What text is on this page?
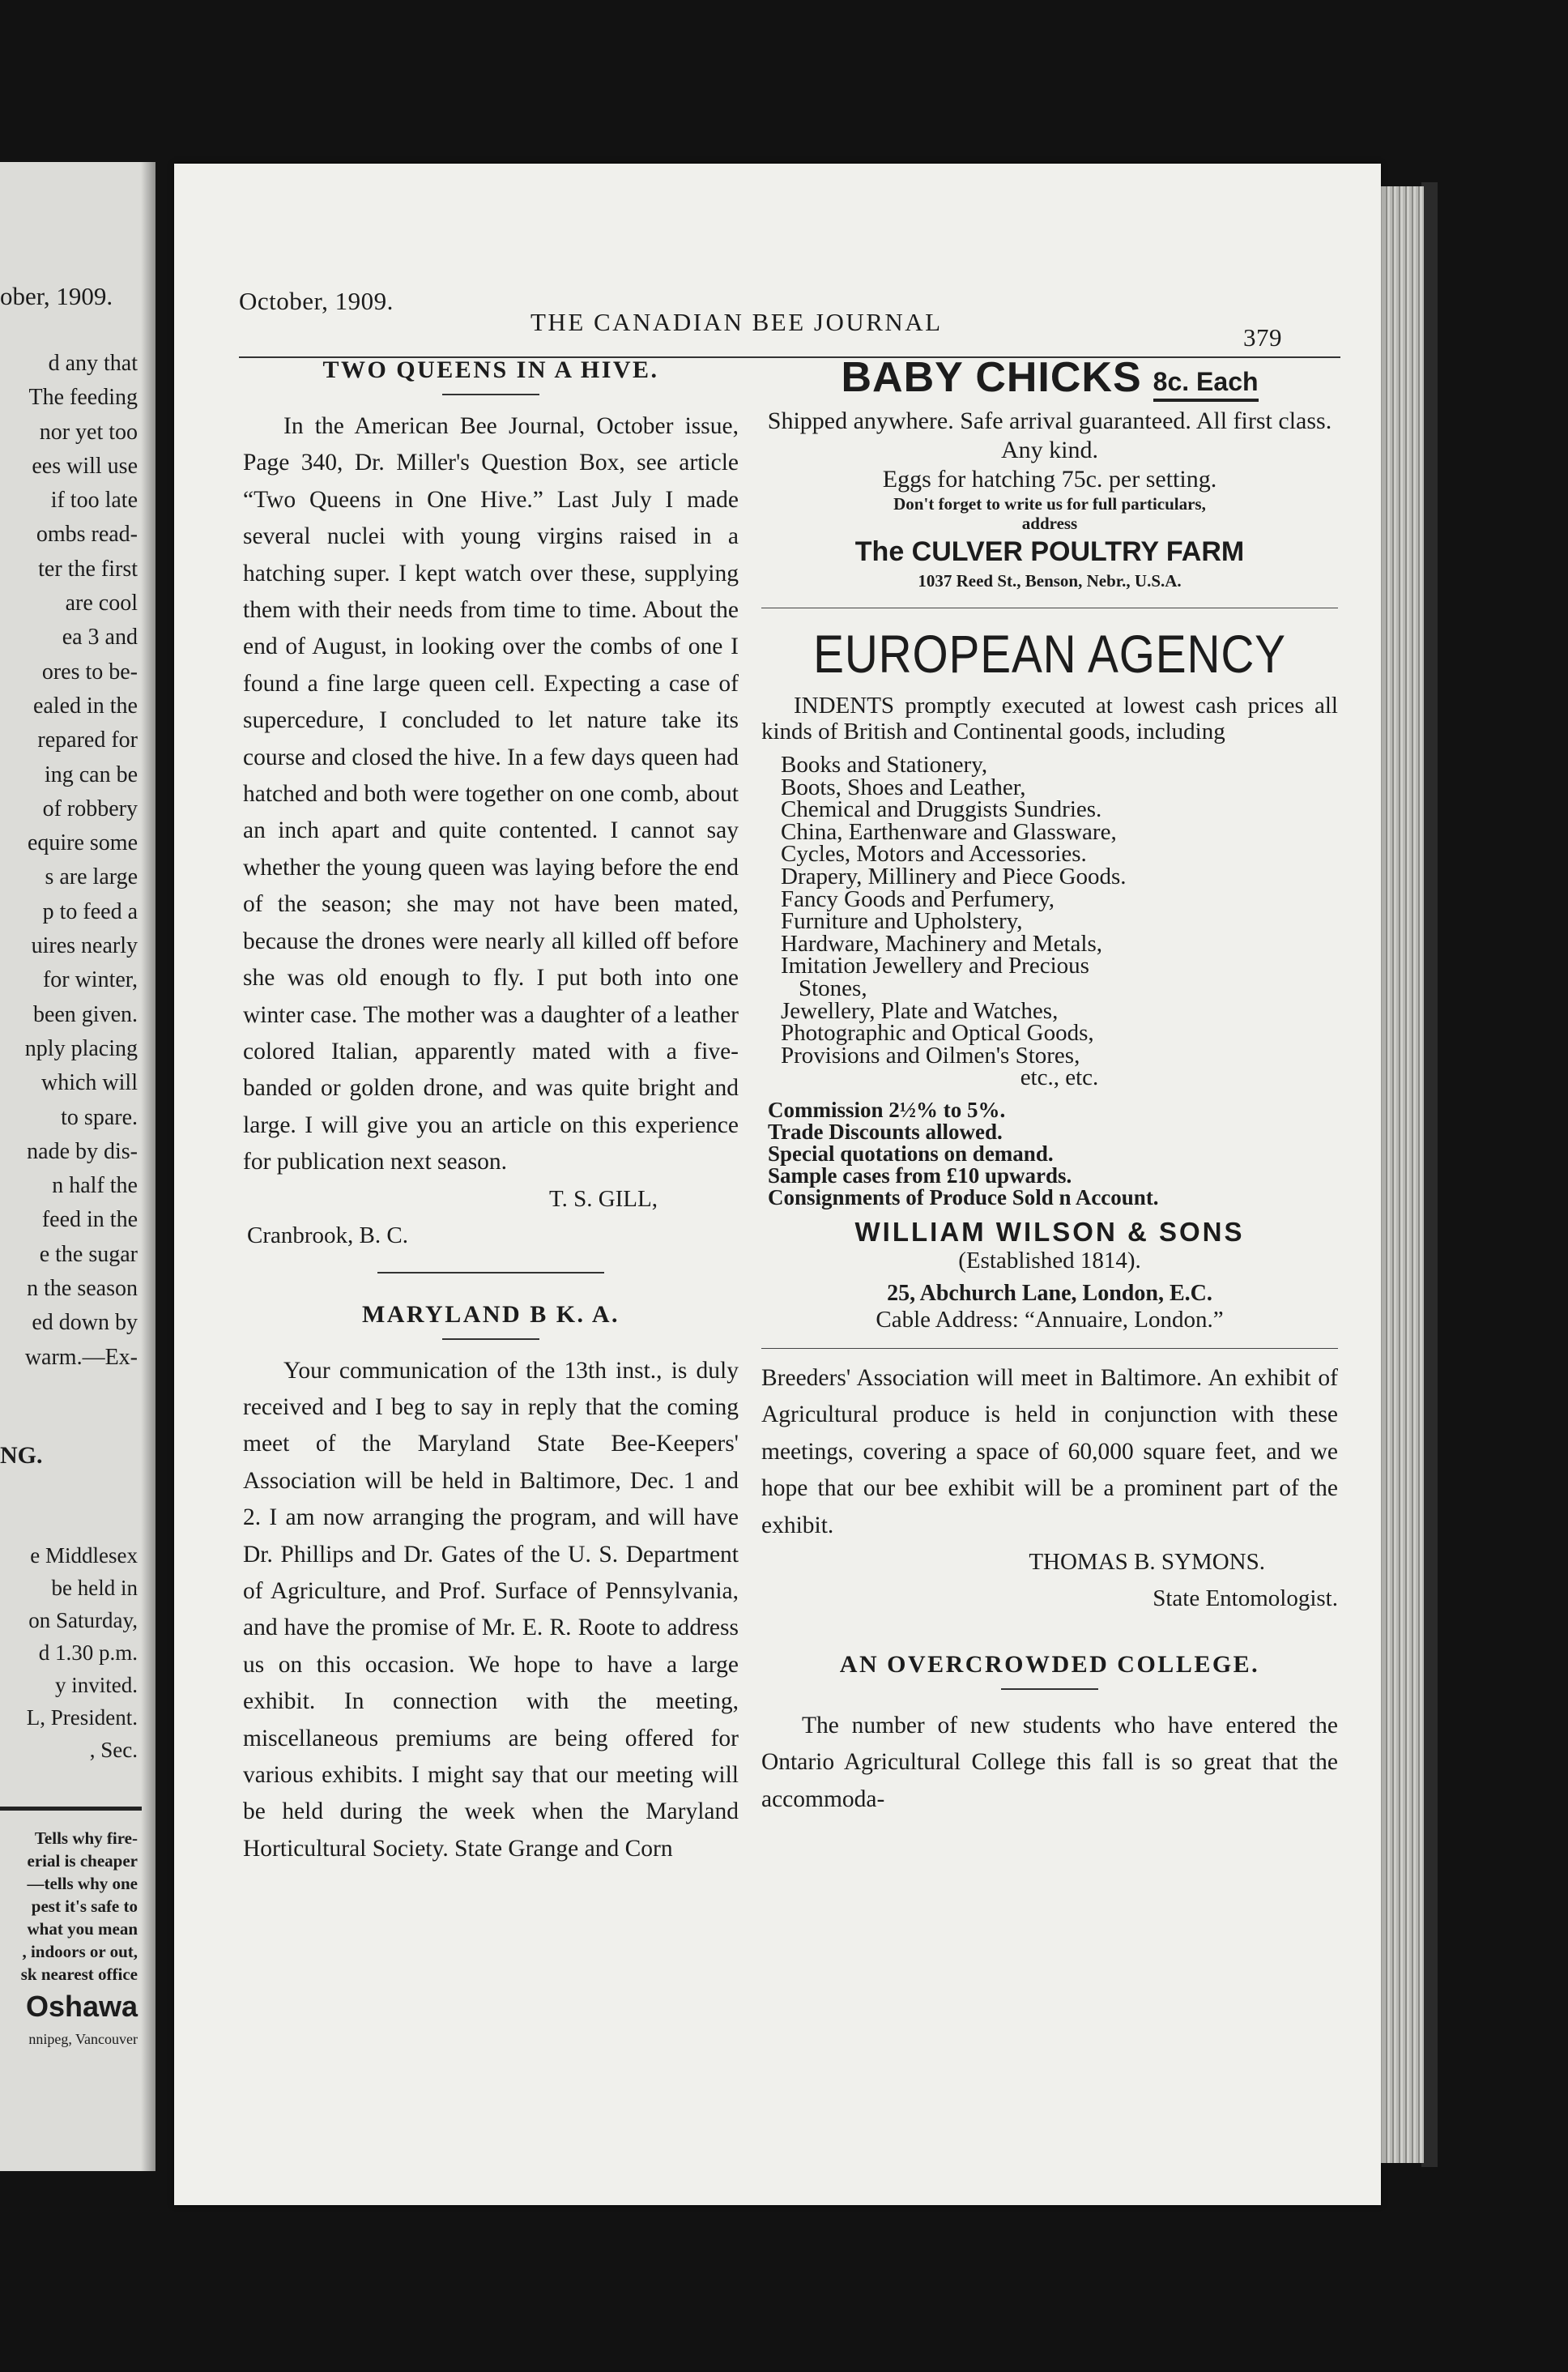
ober, 1909.
d any that
The feeding
nor yet too
ees will use
if too late
ombs read-
ter the first
are cool
ea 3 and
ores to be-
ealed in the
repared for
ing can be
of robbery
equire some
s are large
p to feed a
uires nearly
for winter,
been given.
nply placing
which will
to spare.
nade by dis-
n half the
feed in the
e the sugar
n the season
ed down by
warm.—Ex-
NG.
e Middlesex
be held in
on Saturday,
d 1.30 p.m.
y invited.
L, President.
, Sec.
Tells why fire-
erial is cheaper
—tells why one
pest it's safe to
what you mean
, indoors or out,
sk nearest office
Oshawa
nnipeg, Vancouver
October, 1909.
THE CANADIAN BEE JOURNAL
379
TWO QUEENS IN A HIVE.
In the American Bee Journal, October issue, Page 340, Dr. Miller's Question Box, see article “Two Queens in One Hive.” Last July I made several nuclei with young virgins raised in a hatching super. I kept watch over these, supplying them with their needs from time to time. About the end of August, in looking over the combs of one I found a fine large queen cell. Expecting a case of supercedure, I concluded to let nature take its course and closed the hive. In a few days queen had hatched and both were together on one comb, about an inch apart and quite contented. I cannot say whether the young queen was laying before the end of the season; she may not have been mated, because the drones were nearly all killed off before she was old enough to fly. I put both into one winter case. The mother was a daughter of a leather colored Italian, apparently mated with a five-banded or golden drone, and was quite bright and large. I will give you an article on this experience for publication next season.
T. S. GILL,
Cranbrook, B. C.
MARYLAND B K. A.
Your communication of the 13th inst., is duly received and I beg to say in reply that the coming meet of the Maryland State Bee-Keepers' Association will be held in Baltimore, Dec. 1 and 2. I am now arranging the program, and will have Dr. Phillips and Dr. Gates of the U. S. Department of Agriculture, and Prof. Surface of Pennsylvania, and have the promise of Mr. E. R. Roote to address us on this occasion. We hope to have a large exhibit. In connection with the meeting, miscellaneous premiums are being offered for various exhibits. I might say that our meeting will be held during the week when the Maryland Horticultural Society. State Grange and Corn
BABY CHICKS 8c. Each
Shipped anywhere. Safe arrival guaranteed. All first class. Any kind.
Eggs for hatching 75c. per setting.
Don't forget to write us for full particulars, address
The CULVER POULTRY FARM
1037 Reed St., Benson, Nebr., U.S.A.
EUROPEAN AGENCY
INDENTS promptly executed at lowest cash prices all kinds of British and Continental goods, including
Books and Stationery,
Boots, Shoes and Leather,
Chemical and Druggists Sundries.
China, Earthenware and Glassware,
Cycles, Motors and Accessories.
Drapery, Millinery and Piece Goods.
Fancy Goods and Perfumery,
Furniture and Upholstery,
Hardware, Machinery and Metals,
Imitation Jewellery and Precious
Stones,
Jewellery, Plate and Watches,
Photographic and Optical Goods,
Provisions and Oilmen's Stores,
etc., etc.
Commission 2½% to 5%.
Trade Discounts allowed.
Special quotations on demand.
Sample cases from £10 upwards.
Consignments of Produce Sold n Account.
WILLIAM WILSON & SONS
(Established 1814).
25, Abchurch Lane, London, E.C.
Cable Address: “Annuaire, London.”
Breeders' Association will meet in Baltimore. An exhibit of Agricultural produce is held in conjunction with these meetings, covering a space of 60,000 square feet, and we hope that our bee exhibit will be a prominent part of the exhibit.
THOMAS B. SYMONS.
State Entomologist.
AN OVERCROWDED COLLEGE.
The number of new students who have entered the Ontario Agricultural College this fall is so great that the accommoda-
